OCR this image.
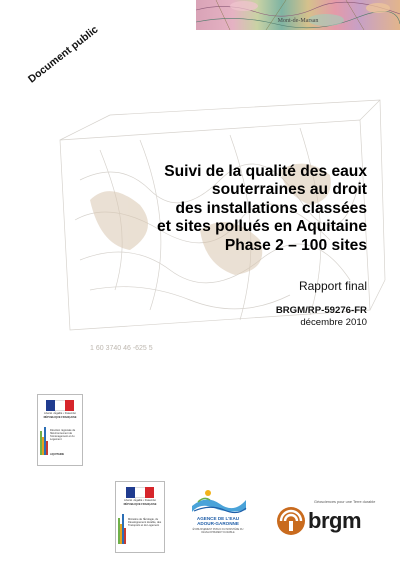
Mont-de-Marsan
1 60 3740 46 -625 5
Document public
Suivi de la qualité des eaux
souterraines au droit
des installations classées
et sites pollués en Aquitaine
Phase 2 – 100 sites
Rapport final
BRGM/RP-59276-FR
décembre 2010
Liberté • Égalité • Fraternité
RÉPUBLIQUE FRANÇAISE
Direction régionale de l'Environnement de l'Aménagement et du Logement
AQUITAINE
Liberté • Égalité • Fraternité
RÉPUBLIQUE FRANÇAISE
Ministère de l'Écologie, du Développement durable, des Transports et du Logement
AGENCE DE L'EAU ADOUR-GARONNE
ÉTABLISSEMENT PUBLIC DU MINISTÈRE DU DÉVELOPPEMENT DURABLE
Géosciences pour une Terre durable
brgm
